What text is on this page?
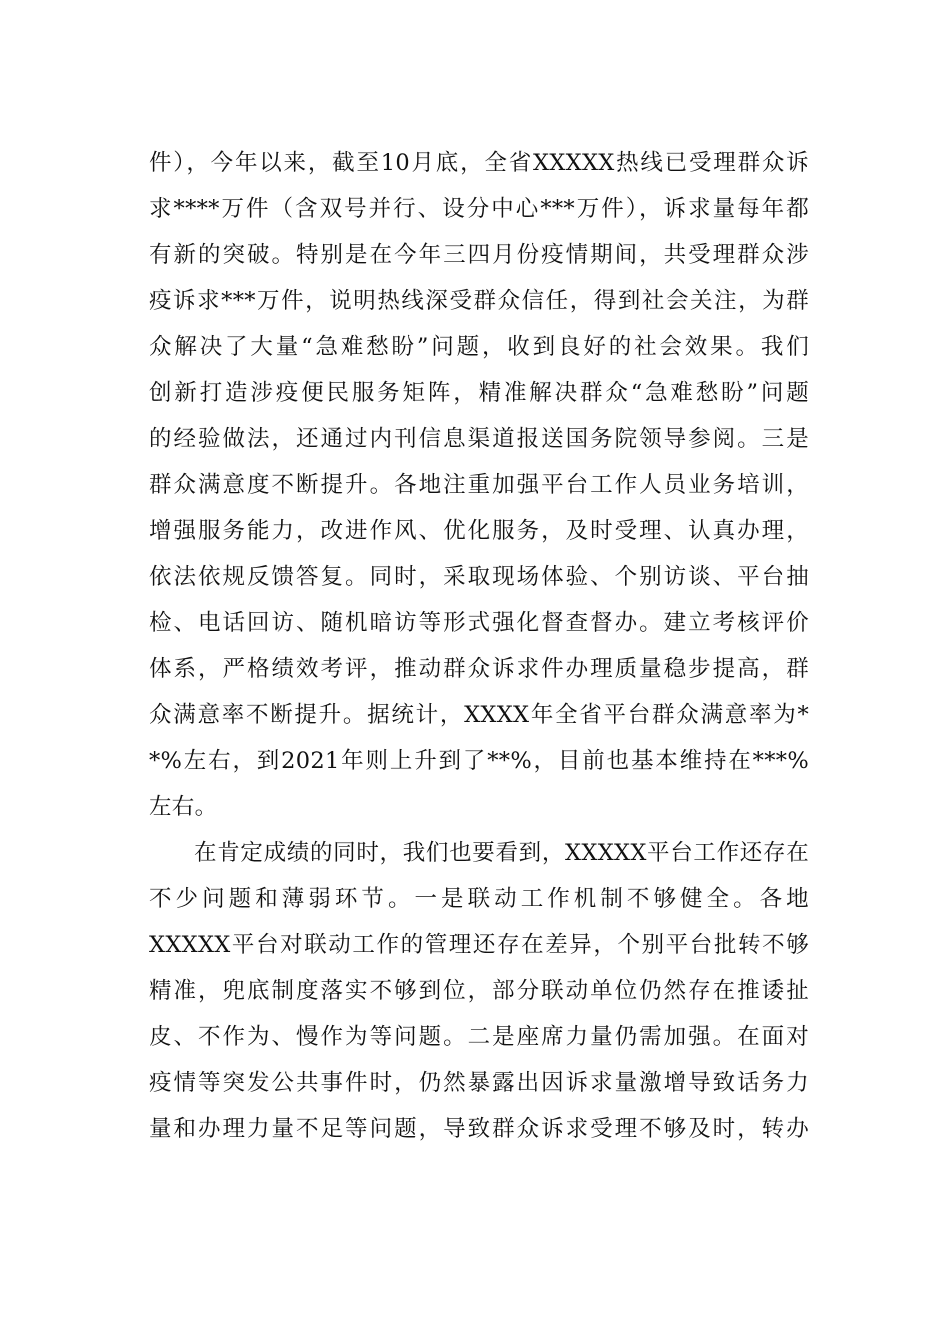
件），今年以来，截至10月底，全省XXXXX热线已受理群众诉
求****万件（含双号并行、设分中心***万件），诉求量每年都
有新的突破。特别是在今年三四月份疫情期间，共受理群众涉
疫诉求***万件，说明热线深受群众信任，得到社会关注，为群
众解决了大量“急难愁盼”问题，收到良好的社会效果。我们
创新打造涉疫便民服务矩阵，精准解决群众“急难愁盼”问题
的经验做法，还通过内刊信息渠道报送国务院领导参阅。三是
群众满意度不断提升。各地注重加强平台工作人员业务培训，
增强服务能力，改进作风、优化服务，及时受理、认真办理，
依法依规反馈答复。同时，采取现场体验、个别访谈、平台抽
检、电话回访、随机暗访等形式强化督查督办。建立考核评价
体系，严格绩效考评，推动群众诉求件办理质量稳步提高，群
众满意率不断提升。据统计，XXXX年全省平台群众满意率为*
*%左右，到2021年则上升到了**%，目前也基本维持在***%
左右。
在肯定成绩的同时，我们也要看到，XXXXX平台工作还存在
不少问题和薄弱环节。一是联动工作机制不够健全。各地
XXXXX平台对联动工作的管理还存在差异，个别平台批转不够
精准，兜底制度落实不够到位，部分联动单位仍然存在推诿扯
皮、不作为、慢作为等问题。二是座席力量仍需加强。在面对
疫情等突发公共事件时，仍然暴露出因诉求量激增导致话务力
量和办理力量不足等问题，导致群众诉求受理不够及时，转办
